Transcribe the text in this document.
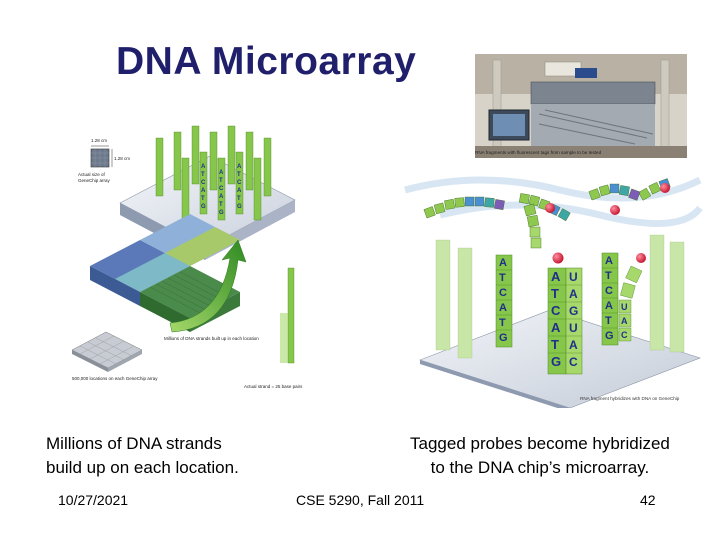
DNA Microarray
1.28 cm
1.28 cm
Actual size of
GeneChip array
A
T
C
A
T
G
A
T
C
A
T
G
A
T
C
A
T
G
Millions of DNA strands built up in each location
500,000 locations on each GeneChip array
Actual strand = 25 base pairs
RNA fragments with fluorescent tags from sample to be tested
A
T
C
A
T
G
A
T
C
A
T
G
U
A
G
U
A
C
A
T
C
A
T
G
U
A
C
RNA fragment hybridizes with DNA on GeneChip
Millions of DNA strands
build up on each location.
Tagged probes become hybridized
to the DNA chip’s microarray.
10/27/2021	CSE 5290, Fall 2011	42
